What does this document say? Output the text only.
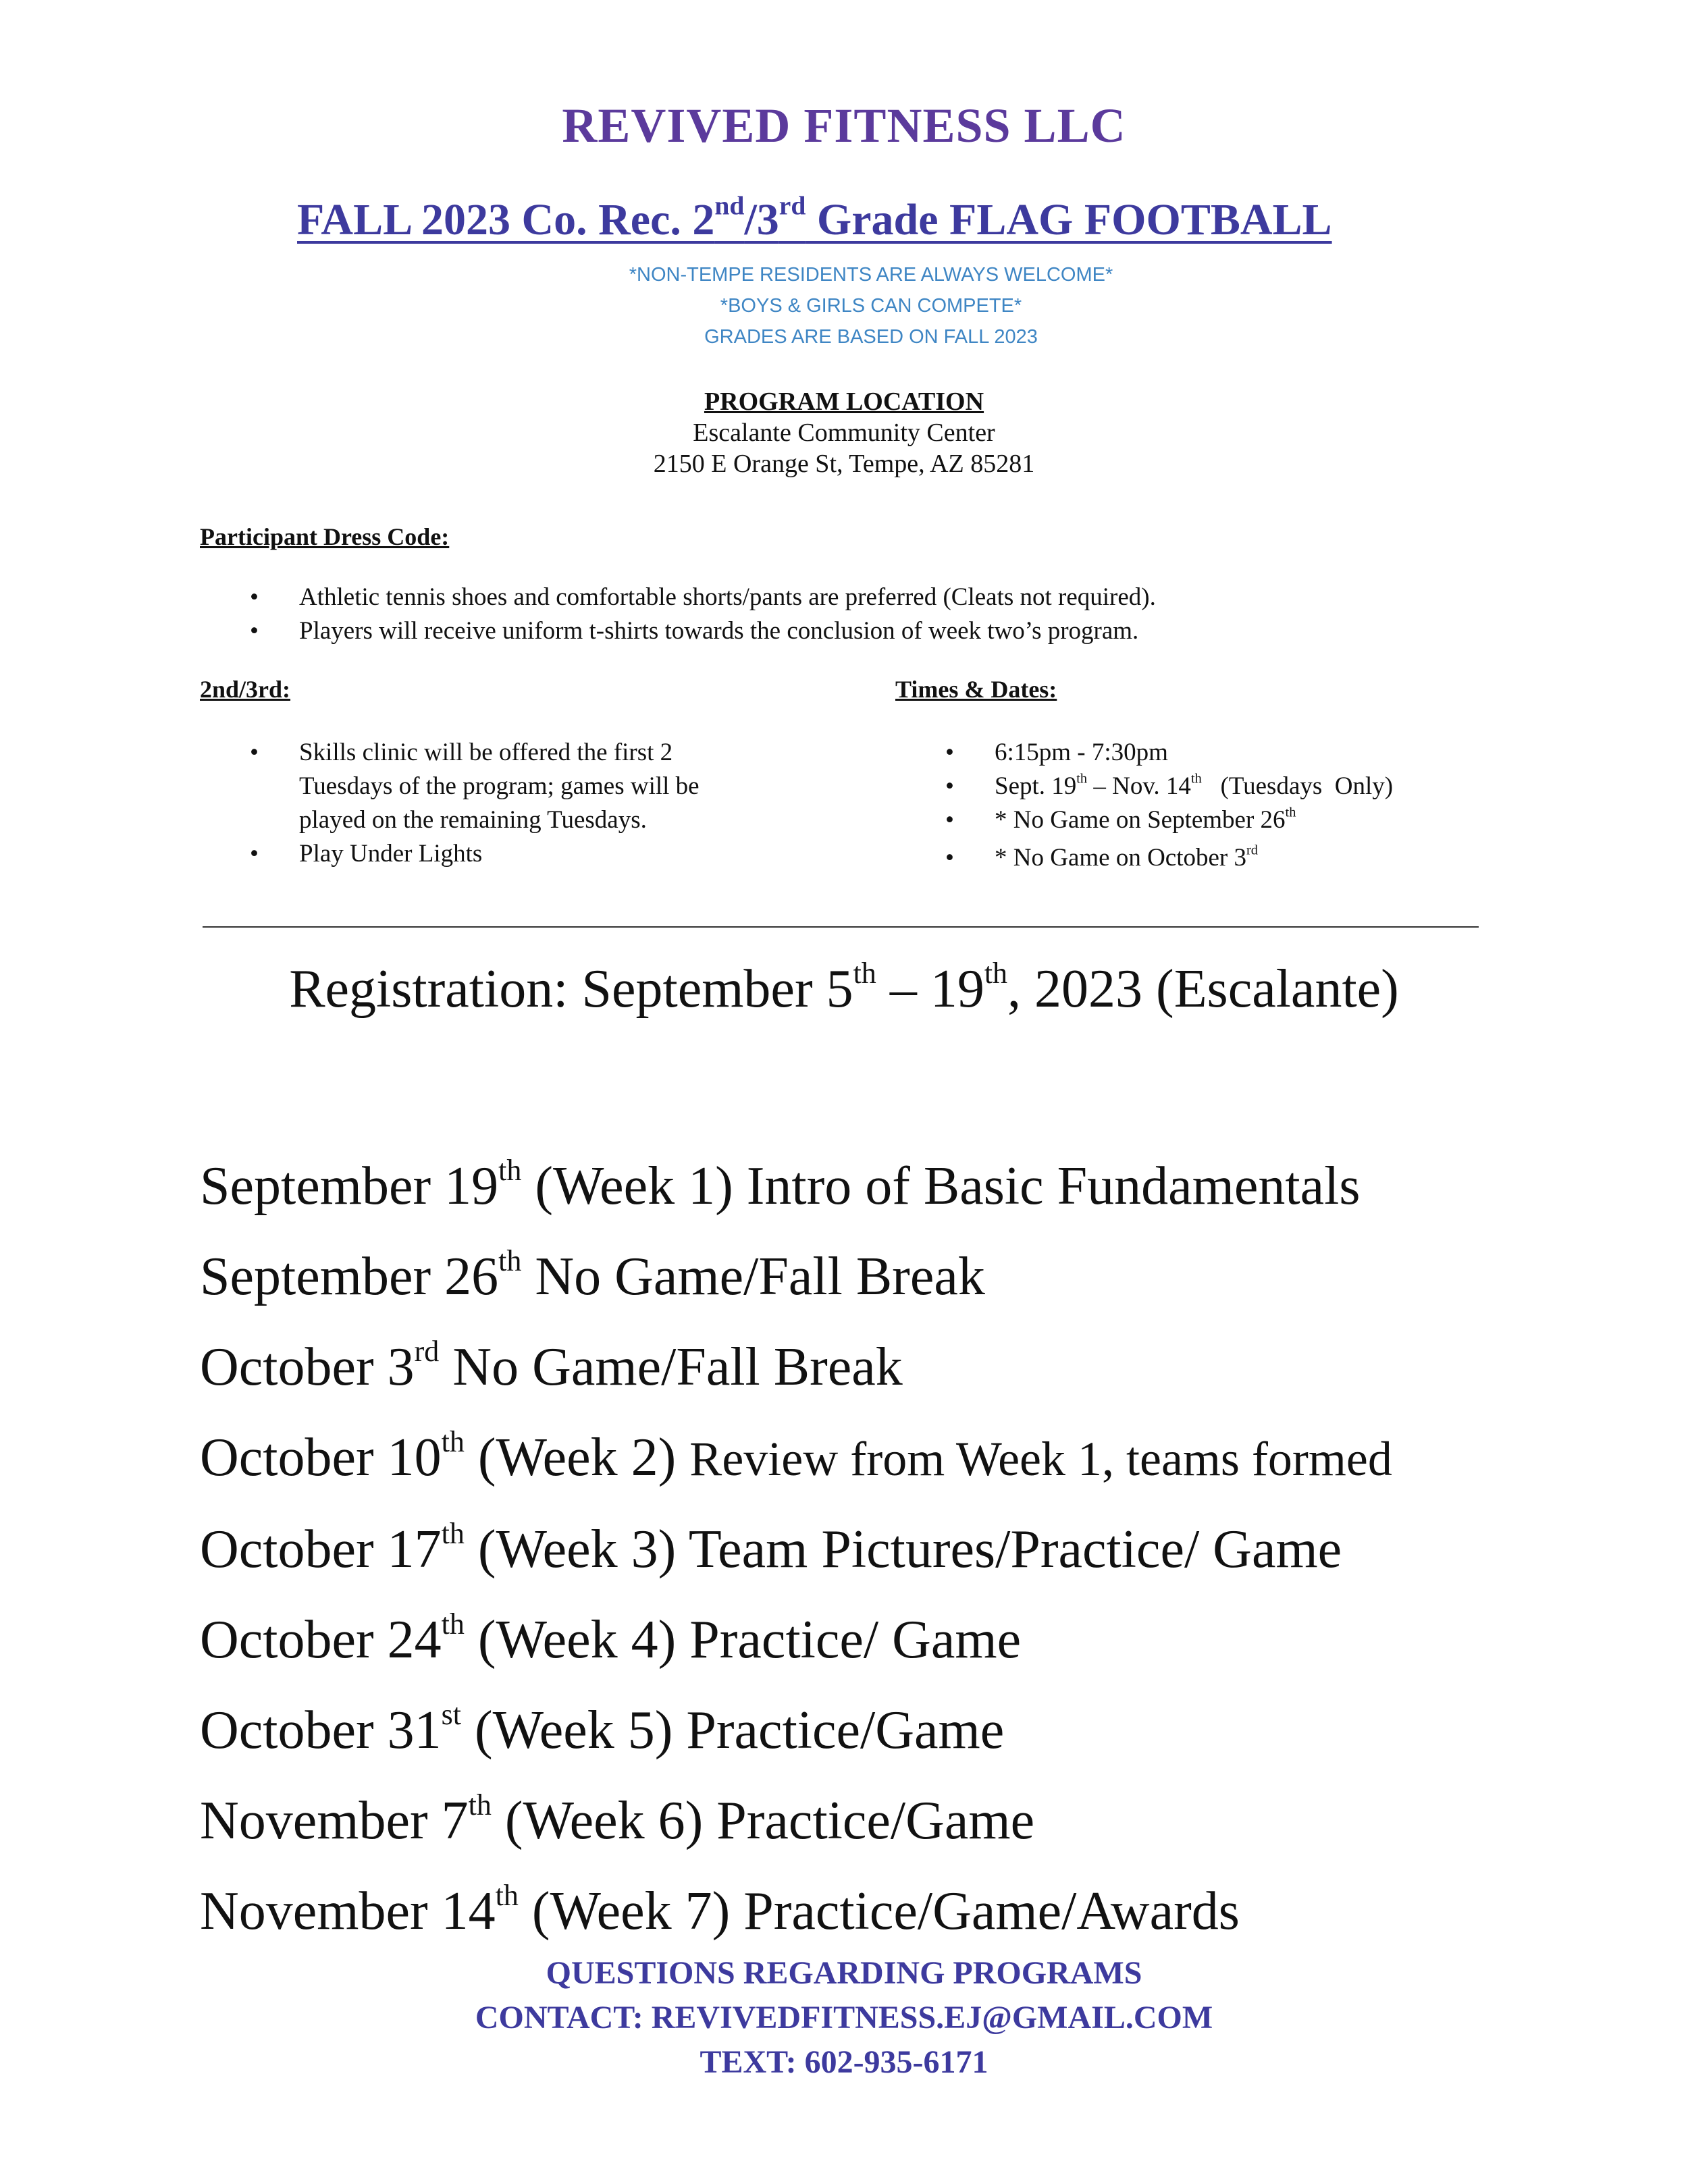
REVIVED FITNESS LLC
FALL 2023 Co. Rec. 2nd/3rd Grade FLAG FOOTBALL
*NON-TEMPE RESIDENTS ARE ALWAYS WELCOME*
*BOYS & GIRLS CAN COMPETE*
GRADES ARE BASED ON FALL 2023
PROGRAM LOCATION
Escalante Community Center
2150 E Orange St, Tempe, AZ 85281
Participant Dress Code:
• Athletic tennis shoes and comfortable shorts/pants are preferred (Cleats not required).
• Players will receive uniform t-shirts towards the conclusion of week two’s program.
2nd/3rd:
• Skills clinic will be offered the first 2 Tuesdays of the program; games will be played on the remaining Tuesdays.
• Play Under Lights
Times & Dates:
• 6:15pm - 7:30pm
• Sept. 19th – Nov. 14th   (Tuesdays  Only)
• * No Game on September 26th
• * No Game on October 3rd
Registration: September 5th – 19th, 2023 (Escalante)
September 19th (Week 1) Intro of Basic Fundamentals
September 26th No Game/Fall Break
October 3rd No Game/Fall Break
October 10th (Week 2) Review from Week 1, teams formed
October 17th (Week 3) Team Pictures/Practice/ Game
October 24th (Week 4) Practice/ Game
October 31st (Week 5) Practice/Game
November 7th (Week 6) Practice/Game
November 14th (Week 7) Practice/Game/Awards
QUESTIONS REGARDING PROGRAMS
CONTACT: REVIVEDFITNESS.EJ@GMAIL.COM
TEXT: 602-935-6171
